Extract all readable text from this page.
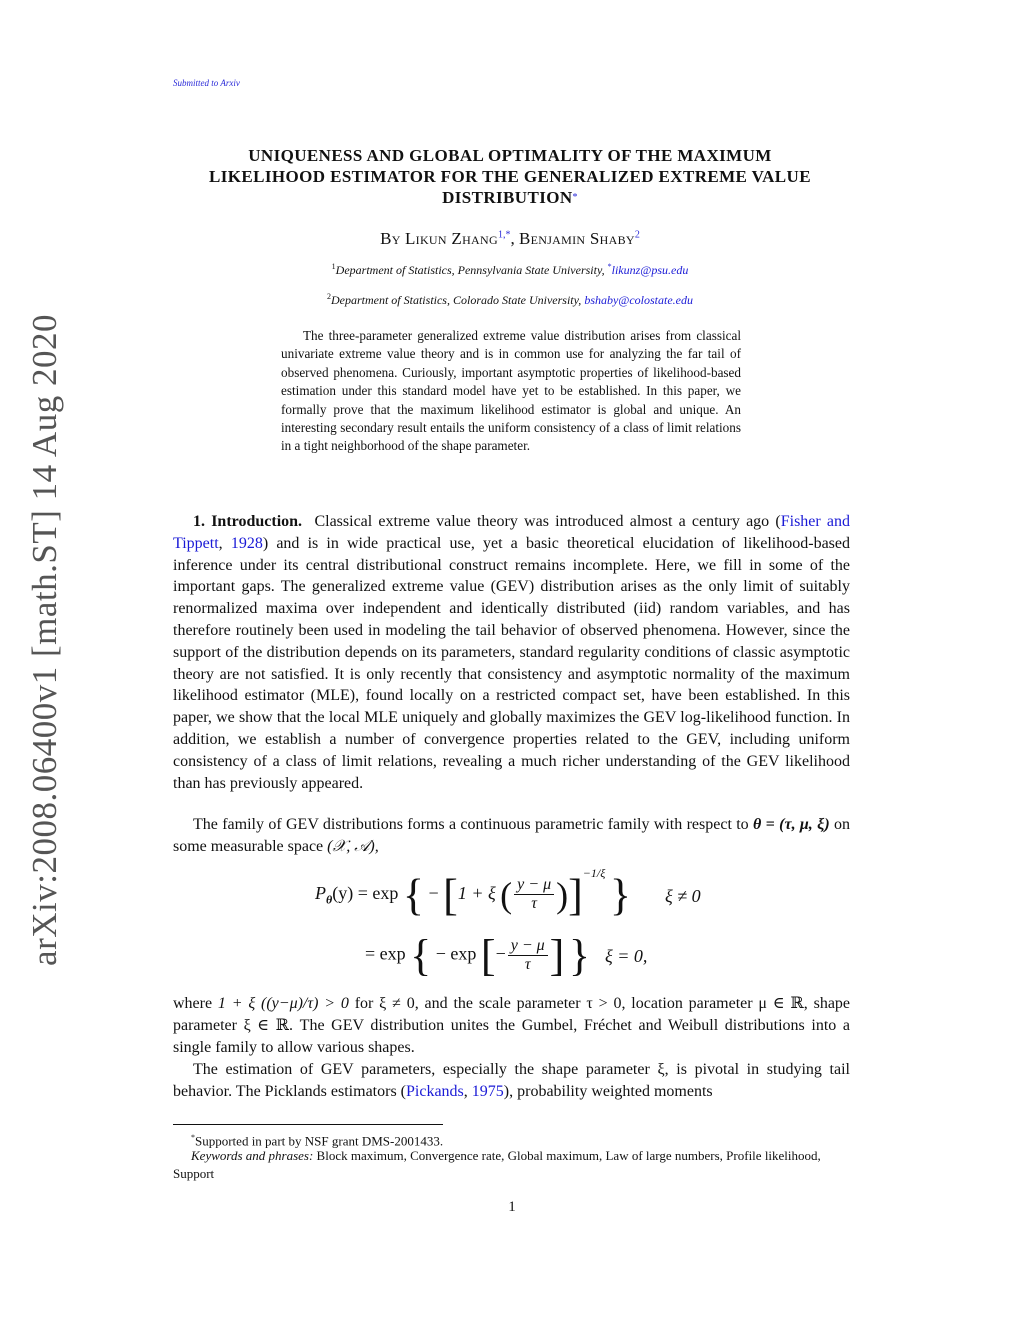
Submitted to Arxiv
arXiv:2008.06400v1 [math.ST] 14 Aug 2020
UNIQUENESS AND GLOBAL OPTIMALITY OF THE MAXIMUM
LIKELIHOOD ESTIMATOR FOR THE GENERALIZED EXTREME VALUE
DISTRIBUTION*
By Likun Zhang$^{1,*}$, Benjamin Shaby$^2$
$^1$Department of Statistics, Pennsylvania State University, *likunz@psu.edu
$^2$Department of Statistics, Colorado State University, bshaby@colostate.edu
The three-parameter generalized extreme value distribution arises from classical univariate extreme value theory and is in common use for analyzing the far tail of observed phenomena. Curiously, important asymptotic properties of likelihood-based estimation under this standard model have yet to be established. In this paper, we formally prove that the maximum likelihood estimator is global and unique. An interesting secondary result entails the uniform consistency of a class of limit relations in a tight neighborhood of the shape parameter.
1. Introduction. Classical extreme value theory was introduced almost a century ago (Fisher and Tippett, 1928) and is in wide practical use, yet a basic theoretical elucidation of likelihood-based inference under its central distributional construct remains incomplete. Here, we fill in some of the important gaps. The generalized extreme value (GEV) distribution arises as the only limit of suitably renormalized maxima over independent and identically distributed (iid) random variables, and has therefore routinely been used in modeling the tail behavior of observed phenomena. However, since the support of the distribution depends on its parameters, standard regularity conditions of classic asymptotic theory are not satisfied. It is only recently that consistency and asymptotic normality of the maximum likelihood estimator (MLE), found locally on a restricted compact set, have been established. In this paper, we show that the local MLE uniquely and globally maximizes the GEV log-likelihood function. In addition, we establish a number of convergence properties related to the GEV, including uniform consistency of a class of limit relations, revealing a much richer understanding of the GEV likelihood than has previously appeared.
The family of GEV distributions forms a continuous parametric family with respect to θ = (τ, μ, ξ) on some measurable space (𝒳, 𝒜),
$P_\theta(y) = \exp$ { − [1 + ξ ( $\frac{y - \mu}{\tau} )]^{-1/\xi}$ } ξ ≠ 0
= exp { − exp [− $\frac{y - \mu}{\tau}$ ] } ξ = 0,
where 1 + ξ ((y−μ)/τ) > 0 for ξ ≠ 0, and the scale parameter τ > 0, location parameter μ ∈ ℝ, shape parameter ξ ∈ ℝ. The GEV distribution unites the Gumbel, Fréchet and Weibull distributions into a single family to allow various shapes.
The estimation of GEV parameters, especially the shape parameter ξ, is pivotal in studying tail behavior. The Picklands estimators (Pickands, 1975), probability weighted moments
*Supported in part by NSF grant DMS-2001433.
Keywords and phrases: Block maximum, Convergence rate, Global maximum, Law of large numbers, Profile likelihood, Support
1
